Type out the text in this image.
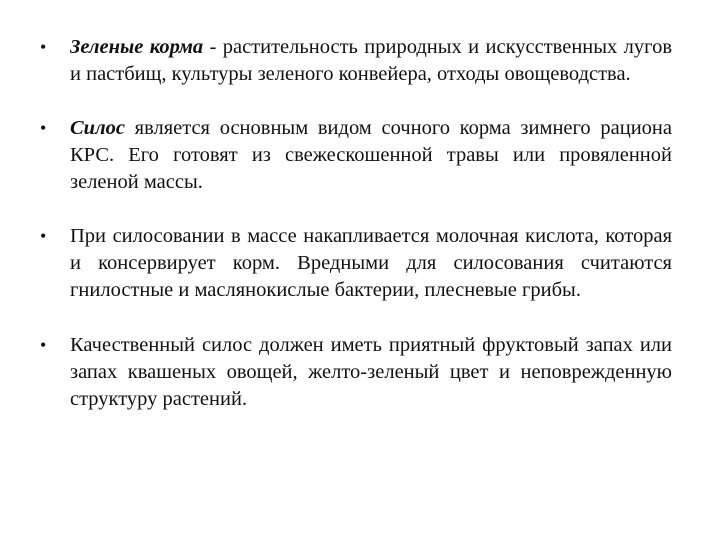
•	Зеленые корма - растительность природных и искусственных лугов и пастбищ, культуры зеленого конвейера, отходы овощеводства.
•	Силос является основным видом сочного корма зимнего рациона КРС. Его готовят из свежескошенной травы или провяленной зеленой массы.
•	При силосовании в массе накапливается молочная кислота, которая и консервирует корм. Вредными для силосования считаются гнилостные и маслянокислые бактерии, плесневые грибы.
•	Качественный силос должен иметь приятный фруктовый запах или запах квашеных овощей, желто-зеленый цвет и неповрежденную структуру растений.
